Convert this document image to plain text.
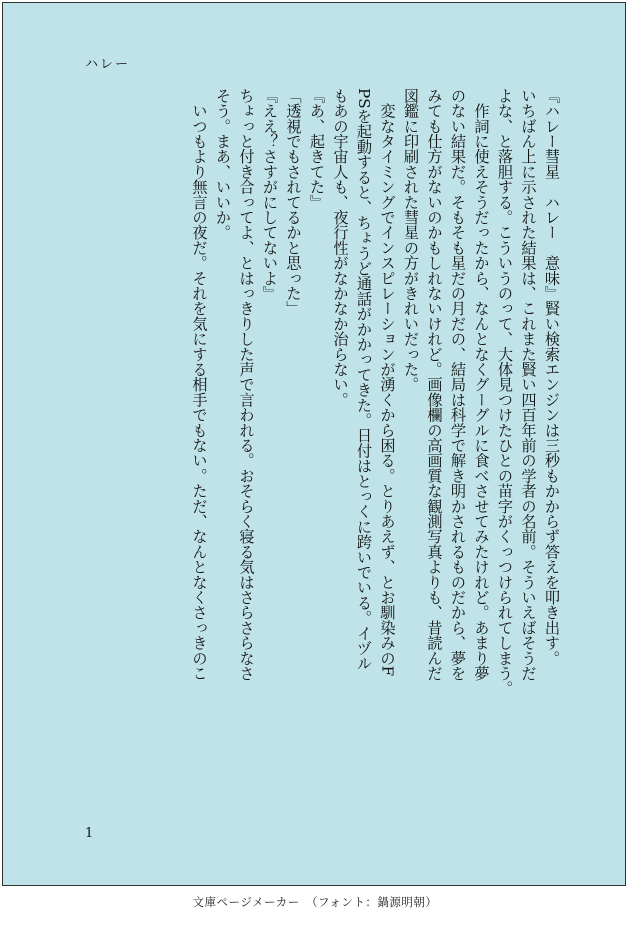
ハレー
『ハレー彗星　ハレー　意味』賢い検索エンジンは三秒もかからず答えを叩き出す。
いちばん上に示された結果は、これまた賢い四百年前の学者の名前。そういえばそうだ
よな、と落胆する。こういうのって、大体見つけたひとの苗字がくっつけられてしまう。
　作詞に使えそうだったから、なんとなくグーグルに食べさせてみたけれど。あまり夢
のない結果だ。そもそも星だの月だの、結局は科学で解き明かされるものだから、夢を
みても仕方がないのかもしれないけれど。画像欄の高画質な観測写真よりも、昔読んだ
図鑑に印刷された彗星の方がきれいだった。
　変なタイミングでインスピレーションが湧くから困る。とりあえず、とお馴染みのF
PSを起動すると、ちょうど通話がかかってきた。日付はとっくに跨いでいる。イヅル
もあの宇宙人も、夜行性がなかなか治らない。
『あ、起きてた』
「透視でもされてるかと思った」
『ええ？さすがにしてないよ』
ちょっと付き合ってよ、とはっきりした声で言われる。おそらく寝る気はさらさらなさ
そう。まあ、いいか。
　いつもより無言の夜だ。それを気にする相手でもない。ただ、なんとなくさっきのこ
1
文庫ページメーカー　（フォント：鍋源明朝）
